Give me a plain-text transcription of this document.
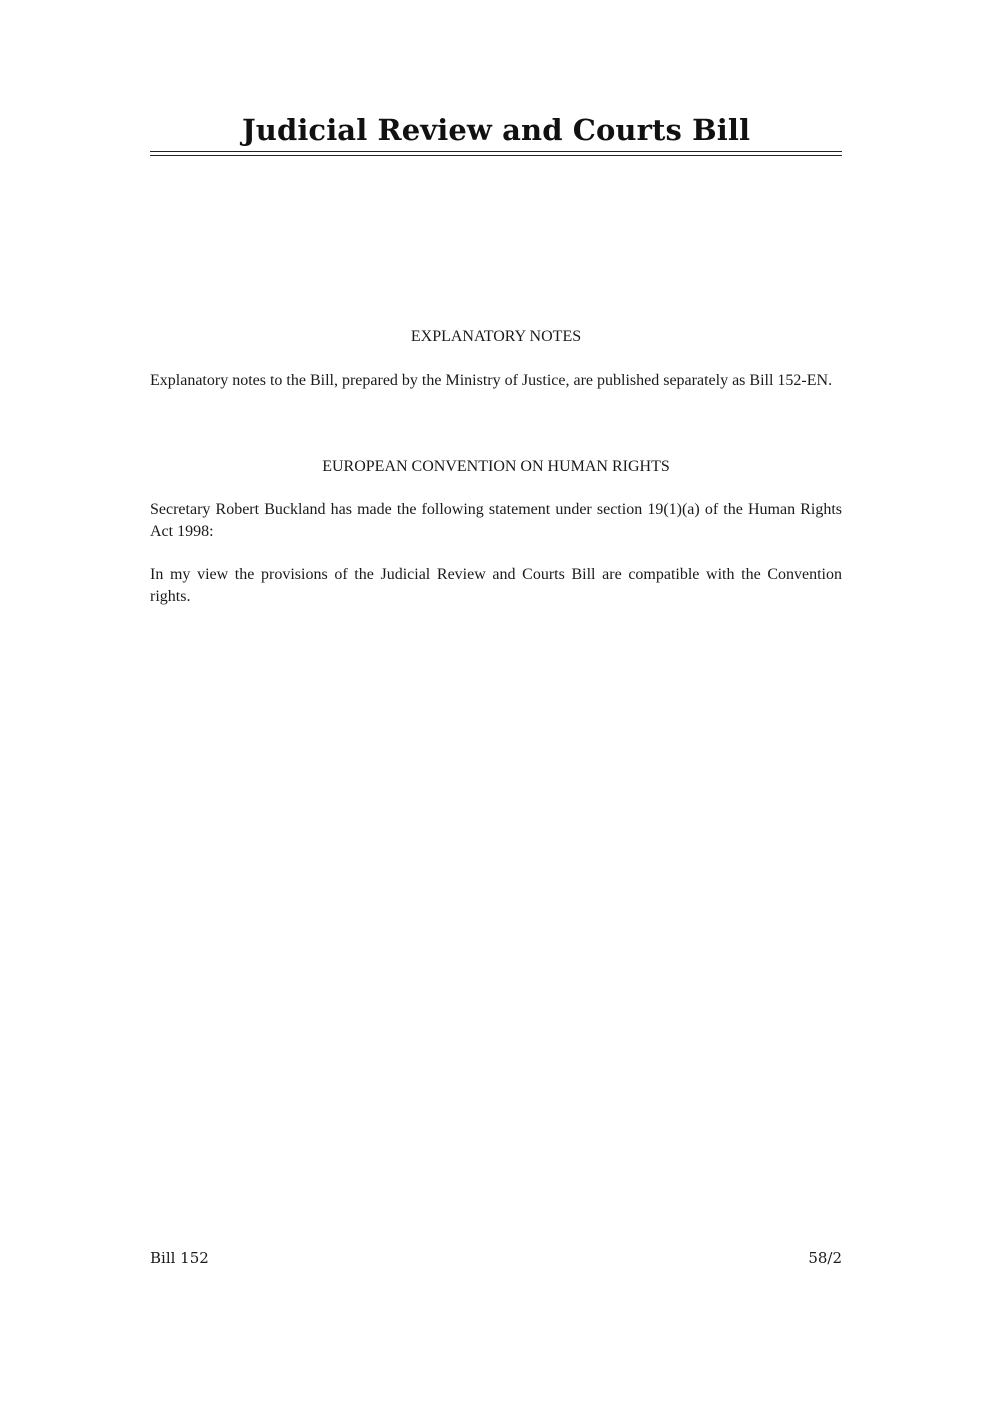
Judicial Review and Courts Bill
EXPLANATORY NOTES

Explanatory notes to the Bill, prepared by the Ministry of Justice, are published separately as Bill 152-EN.

EUROPEAN CONVENTION ON HUMAN RIGHTS

Secretary Robert Buckland has made the following statement under section 19(1)(a) of the Human Rights Act 1998:

In my view the provisions of the Judicial Review and Courts Bill are compatible with the Convention rights.

Bill 152	58/2
